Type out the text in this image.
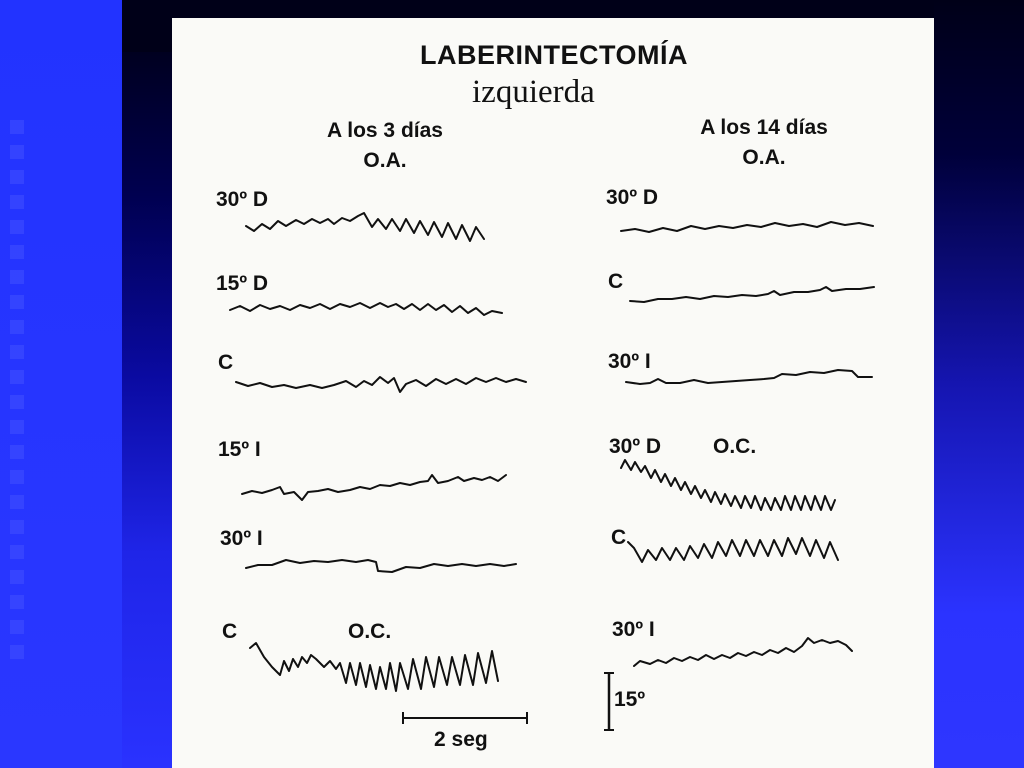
LABERINTECTOMÍA
izquierda
A los 3 días
O.A.
A los 14 días
O.A.
30º D
15º D
C
15º I
30º I
C	O.C.
30º D
C
30º I
30º D O.C.
C
30º I
2 seg
15º
